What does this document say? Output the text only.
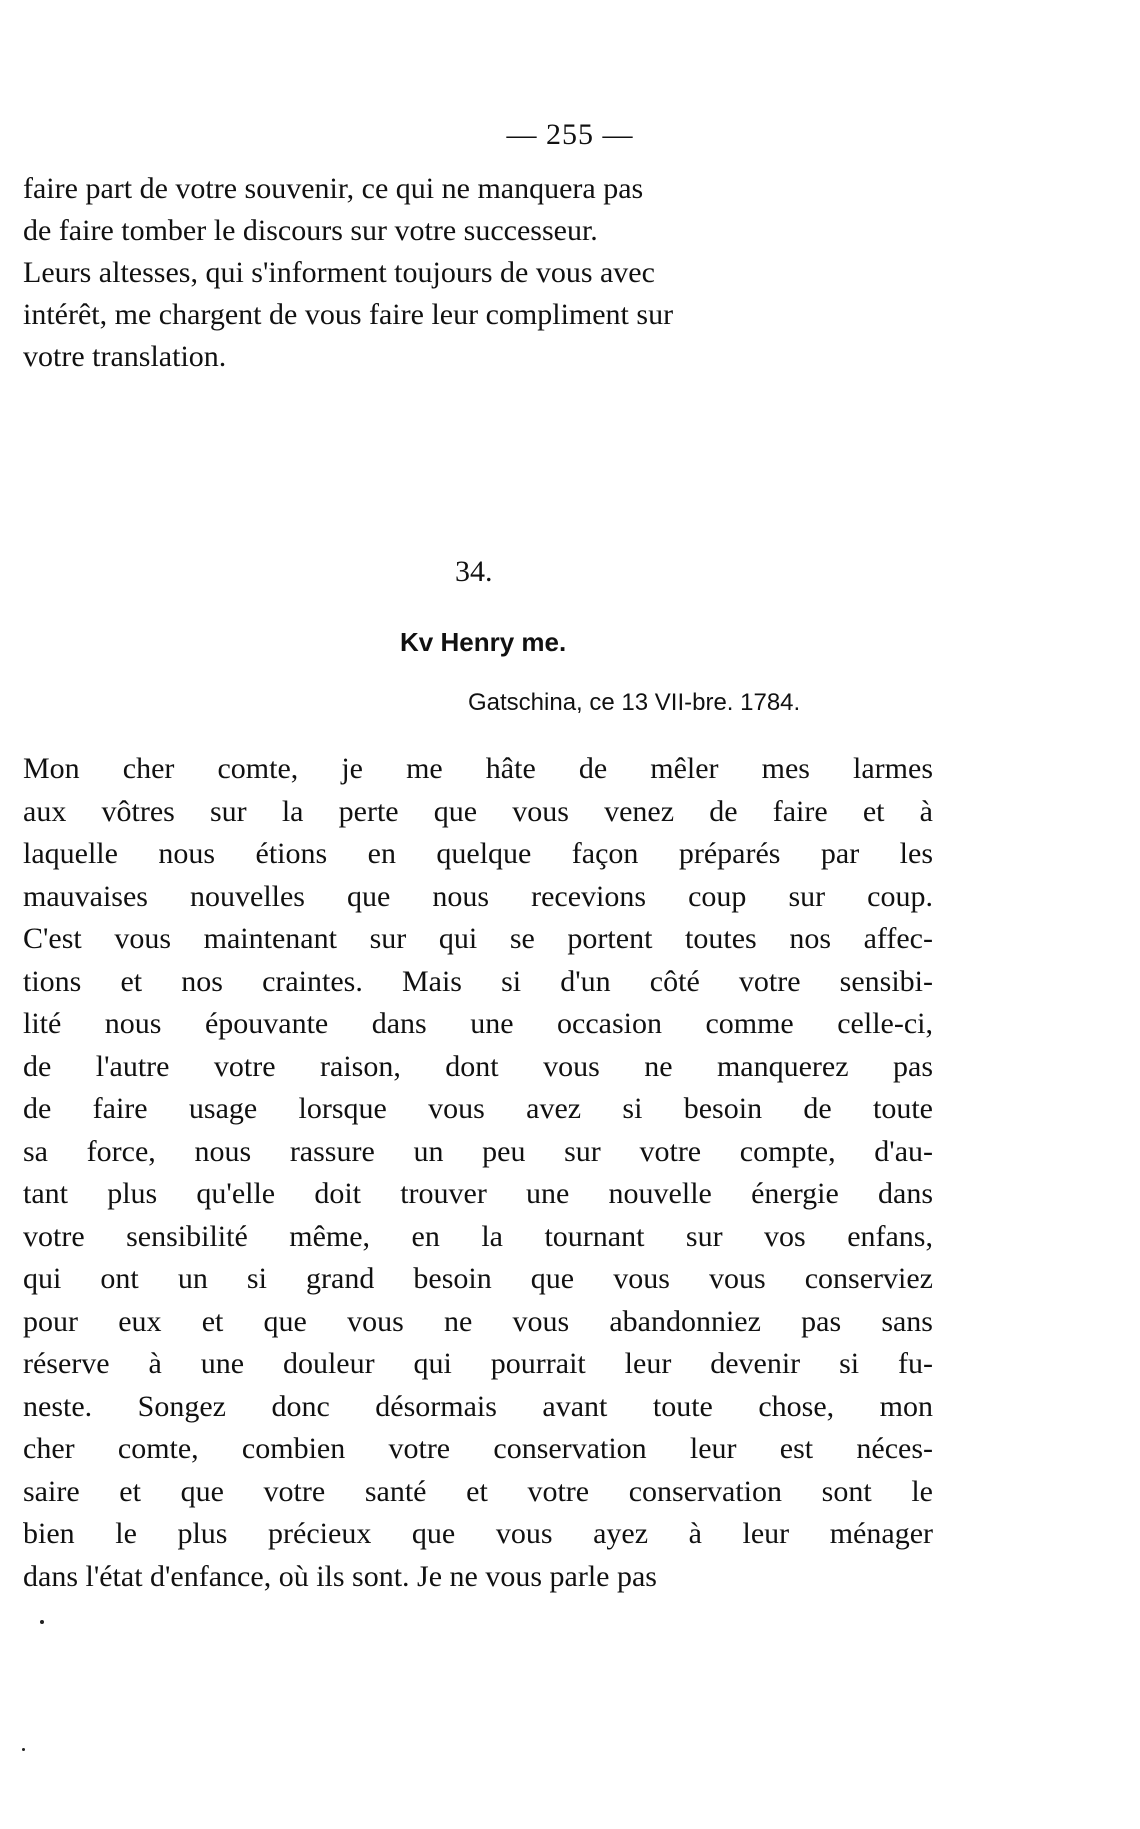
— 255 —

faire part de votre souvenir, ce qui ne manquera pas
de faire tomber le discours sur votre successeur.
Leurs altesses, qui s'informent toujours de vous avec
intérêt, me chargent de vous faire leur compliment sur
votre translation.

34.
Kv Henry me.
Gatschina, ce 13 VII-bre. 1784.
Mon cher comte, je me hâte de mêler mes larmes
aux vôtres sur la perte que vous venez de faire et à
laquelle nous étions en quelque façon préparés par les
mauvaises nouvelles que nous recevions coup sur coup.
C'est vous maintenant sur qui se portent toutes nos affec-
tions et nos craintes. Mais si d'un côté votre sensibi-
lité nous épouvante dans une occasion comme celle-ci,
de l'autre votre raison, dont vous ne manquerez pas
de faire usage lorsque vous avez si besoin de toute
sa force, nous rassure un peu sur votre compte, d'au-
tant plus qu'elle doit trouver une nouvelle énergie dans
votre sensibilité même, en la tournant sur vos enfans,
qui ont un si grand besoin que vous vous conserviez
pour eux et que vous ne vous abandonniez pas sans
réserve à une douleur qui pourrait leur devenir si fu-
neste. Songez donc désormais avant toute chose, mon
cher comte, combien votre conservation leur est néces-
saire et que votre santé et votre conservation sont le
bien le plus précieux que vous ayez à leur ménager
dans l'état d'enfance, où ils sont. Je ne vous parle pas
